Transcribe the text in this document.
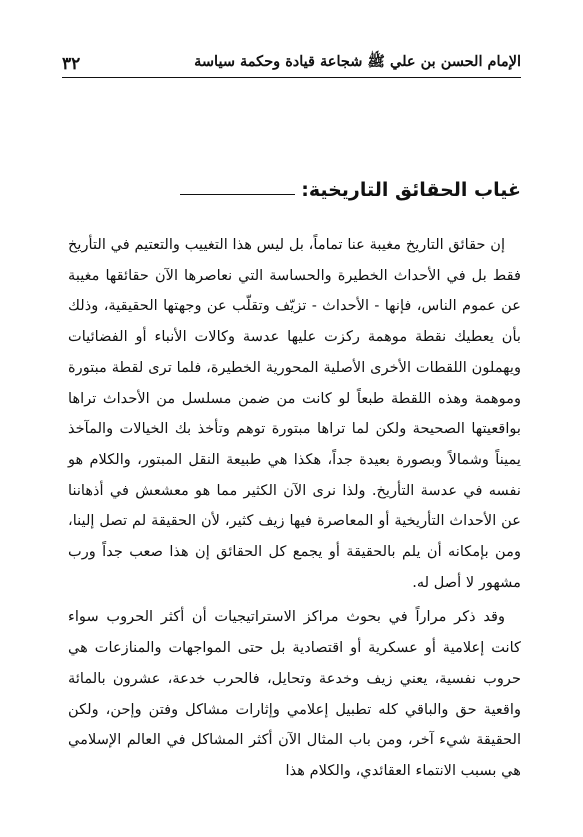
٣٢	الإمام الحسن بن علي ﷺ شجاعة قيادة وحكمة سياسة
غياب الحقائق التاريخية:

إن حقائق التاريخ مغيبة عنا تماماً، بل ليس هذا التغييب والتعتيم في التأريخ فقط بل في الأحداث الخطيرة والحساسة التي نعاصرها الآن حقائقها مغيبة عن عموم الناس، فإنها - الأحداث - تزيّف وتقلّب عن وجهتها الحقيقية، وذلك بأن يعطيك نقطة موهمة ركزت عليها عدسة وكالات الأنباء أو الفضائيات ويهملون اللقطات الأخرى الأصلية المحورية الخطيرة، فلما ترى لقطة مبتورة وموهمة وهذه اللقطة طبعاً لو كانت من ضمن مسلسل من الأحداث تراها بواقعيتها الصحيحة ولكن لما تراها مبتورة توهم وتأخذ بك الخيالات والمآخذ يميناً وشمالاً وبصورة بعيدة جداً، هكذا هي طبيعة النقل المبتور، والكلام هو نفسه في عدسة التأريخ. ولذا نرى الآن الكثير مما هو معشعش في أذهاننا عن الأحداث التأريخية أو المعاصرة فيها زيف كثير، لأن الحقيقة لم تصل إلينا، ومن بإمكانه أن يلم بالحقيقة أو يجمع كل الحقائق إن هذا صعب جداً ورب مشهور لا أصل له.

وقد ذكر مراراً في بحوث مراكز الاستراتيجيات أن أكثر الحروب سواء كانت إعلامية أو عسكرية أو اقتصادية بل حتى المواجهات والمنازعات هي حروب نفسية، يعني زيف وخدعة وتحايل، فالحرب خدعة، عشرون بالمائة واقعية حق والباقي كله تطبيل إعلامي وإثارات مشاكل وفتن وإحن، ولكن الحقيقة شيء آخر، ومن باب المثال الآن أكثر المشاكل في العالم الإسلامي هي بسبب الانتماء العقائدي، والكلام هذا
